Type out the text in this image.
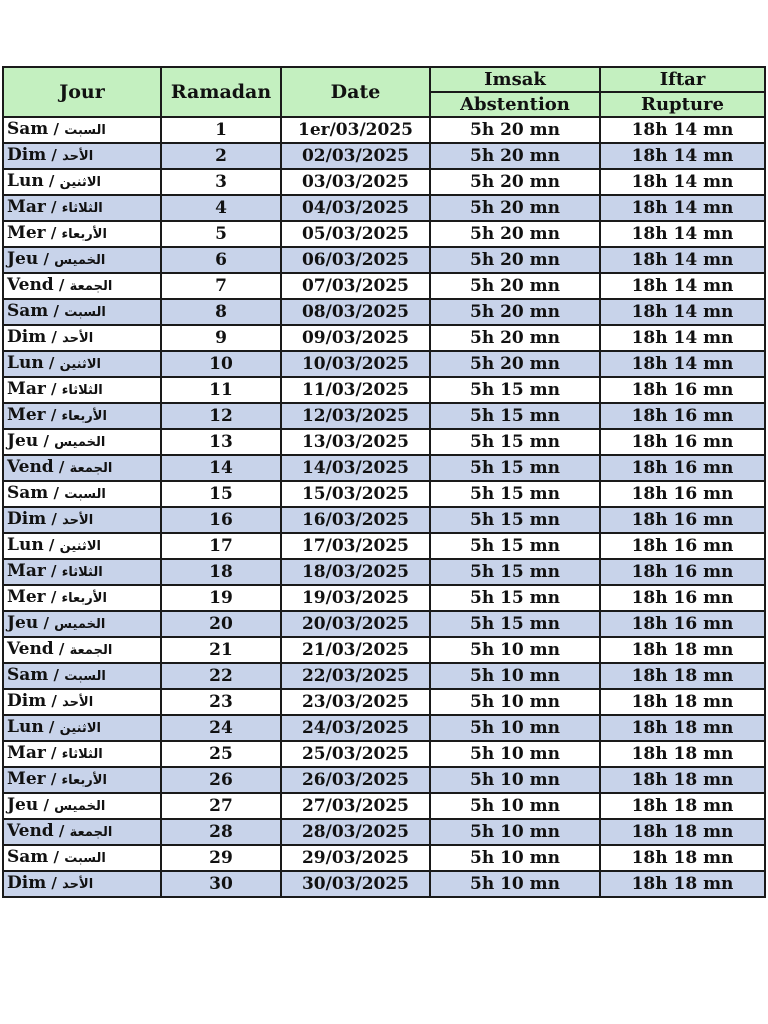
Jour	Ramadan	Date	Imsak	Iftar
			Abstention	Rupture
Sam / السبت	1	1er/03/2025	5h 20 mn	18h 14 mn
Dim / الأحد	2	02/03/2025	5h 20 mn	18h 14 mn
Lun / الاثنين	3	03/03/2025	5h 20 mn	18h 14 mn
Mar / الثلاثاء	4	04/03/2025	5h 20 mn	18h 14 mn
Mer / الأربعاء	5	05/03/2025	5h 20 mn	18h 14 mn
Jeu / الخميس	6	06/03/2025	5h 20 mn	18h 14 mn
Vend / الجمعة	7	07/03/2025	5h 20 mn	18h 14 mn
Sam / السبت	8	08/03/2025	5h 20 mn	18h 14 mn
Dim / الأحد	9	09/03/2025	5h 20 mn	18h 14 mn
Lun / الاثنين	10	10/03/2025	5h 20 mn	18h 14 mn
Mar / الثلاثاء	11	11/03/2025	5h 15 mn	18h 16 mn
Mer / الأربعاء	12	12/03/2025	5h 15 mn	18h 16 mn
Jeu / الخميس	13	13/03/2025	5h 15 mn	18h 16 mn
Vend / الجمعة	14	14/03/2025	5h 15 mn	18h 16 mn
Sam / السبت	15	15/03/2025	5h 15 mn	18h 16 mn
Dim / الأحد	16	16/03/2025	5h 15 mn	18h 16 mn
Lun / الاثنين	17	17/03/2025	5h 15 mn	18h 16 mn
Mar / الثلاثاء	18	18/03/2025	5h 15 mn	18h 16 mn
Mer / الأربعاء	19	19/03/2025	5h 15 mn	18h 16 mn
Jeu / الخميس	20	20/03/2025	5h 15 mn	18h 16 mn
Vend / الجمعة	21	21/03/2025	5h 10 mn	18h 18 mn
Sam / السبت	22	22/03/2025	5h 10 mn	18h 18 mn
Dim / الأحد	23	23/03/2025	5h 10 mn	18h 18 mn
Lun / الاثنين	24	24/03/2025	5h 10 mn	18h 18 mn
Mar / الثلاثاء	25	25/03/2025	5h 10 mn	18h 18 mn
Mer / الأربعاء	26	26/03/2025	5h 10 mn	18h 18 mn
Jeu / الخميس	27	27/03/2025	5h 10 mn	18h 18 mn
Vend / الجمعة	28	28/03/2025	5h 10 mn	18h 18 mn
Sam / السبت	29	29/03/2025	5h 10 mn	18h 18 mn
Dim / الأحد	30	30/03/2025	5h 10 mn	18h 18 mn
